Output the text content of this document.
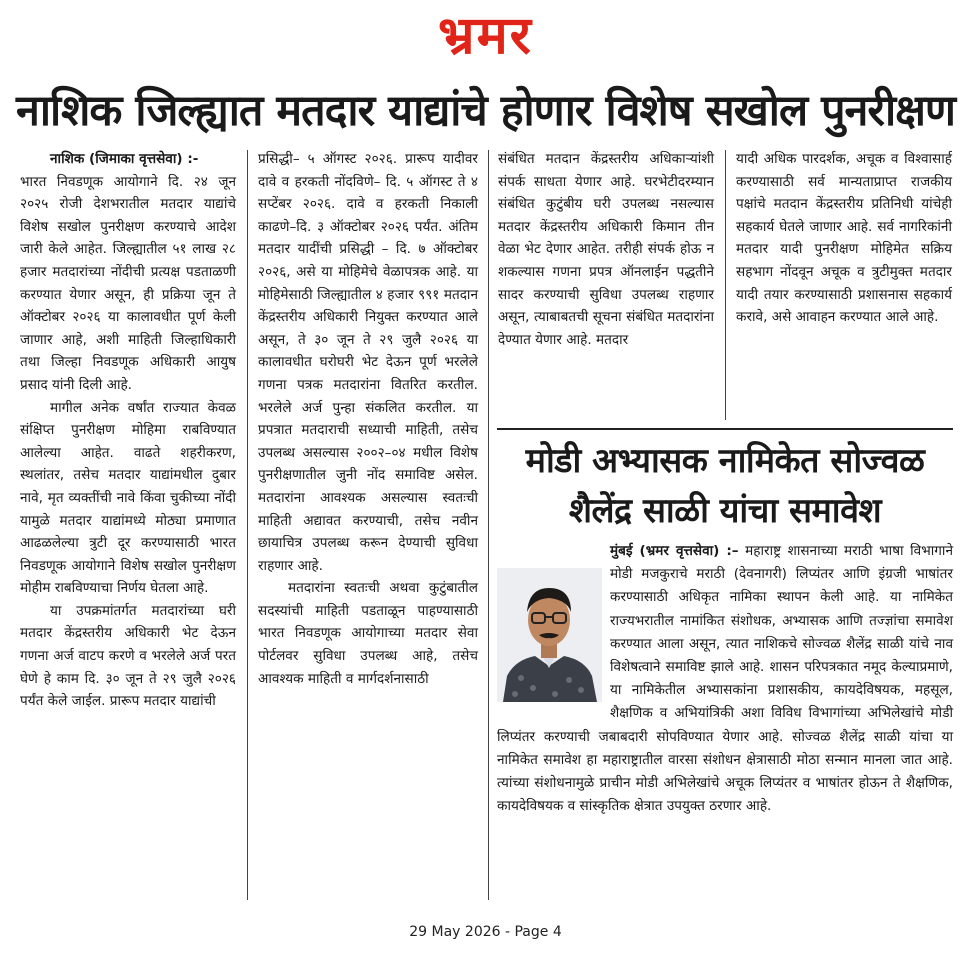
भ्रमर
नाशिक जिल्ह्यात मतदार याद्यांचे होणार विशेष सखोल पुनरीक्षण

नाशिक (जिमाका वृत्तसेवा) :-

भारत निवडणूक आयोगाने दि. २४ जून २०२५ रोजी देशभरातील मतदार याद्यांचे विशेष सखोल पुनरीक्षण करण्याचे आदेश जारी केले आहेत. जिल्ह्यातील ५१ लाख २८ हजार मतदारांच्या नोंदीची प्रत्यक्ष पडताळणी करण्यात येणार असून, ही प्रक्रिया जून ते ऑक्टोबर २०२६ या कालावधीत पूर्ण केली जाणार आहे, अशी माहिती जिल्हाधिकारी तथा जिल्हा निवडणूक अधिकारी आयुष प्रसाद यांनी दिली आहे.

मागील अनेक वर्षांत राज्यात केवळ संक्षिप्त पुनरीक्षण मोहिमा राबविण्यात आलेल्या आहेत. वाढते शहरीकरण, स्थलांतर, तसेच मतदार याद्यांमधील दुबार नावे, मृत व्यक्तींची नावे किंवा चुकीच्या नोंदी यामुळे मतदार याद्यांमध्ये मोठ्या प्रमाणात आढळलेल्या त्रुटी दूर करण्यासाठी भारत निवडणूक आयोगाने विशेष सखोल पुनरीक्षण मोहीम राबविण्याचा निर्णय घेतला आहे.

या उपक्रमांतर्गत मतदारांच्या घरी मतदार केंद्रस्तरीय अधिकारी भेट देऊन गणना अर्ज वाटप करणे व भरलेले अर्ज परत घेणे हे काम दि. ३० जून ते २९ जुलै २०२६ पर्यंत केले जाईल. प्रारूप मतदार याद्यांची

प्रसिद्धी– ५ ऑगस्ट २०२६. प्रारूप यादीवर दावे व हरकती नोंदविणे– दि. ५ ऑगस्ट ते ४ सप्टेंबर २०२६. दावे व हरकती निकाली काढणे–दि. ३ ऑक्टोबर २०२६ पर्यंत. अंतिम मतदार यादींची प्रसिद्धी – दि. ७ ऑक्टोबर २०२६, असे या मोहिमेचे वेळापत्रक आहे. या मोहिमेसाठी जिल्ह्यातील ४ हजार ९९१ मतदान केंद्रस्तरीय अधिकारी नियुक्त करण्यात आले असून, ते ३० जून ते २९ जुलै २०२६ या कालावधीत घरोघरी भेट देऊन पूर्ण भरलेले गणना पत्रक मतदारांना वितरित करतील. भरलेले अर्ज पुन्हा संकलित करतील. या प्रपत्रात मतदाराची सध्याची माहिती, तसेच उपलब्ध असल्यास २००२–०४ मधील विशेष पुनरीक्षणातील जुनी नोंद समाविष्ट असेल. मतदारांना आवश्यक असल्यास स्वतःची माहिती अद्यावत करण्याची, तसेच नवीन छायाचित्र उपलब्ध करून देण्याची सुविधा राहणार आहे.

मतदारांना स्वतःची अथवा कुटुंबातील सदस्यांची माहिती पडताळून पाहण्यासाठी भारत निवडणूक आयोगाच्या मतदार सेवा पोर्टलवर सुविधा उपलब्ध आहे, तसेच आवश्यक माहिती व मार्गदर्शनासाठी

संबंधित मतदान केंद्रस्तरीय अधिकाऱ्यांशी संपर्क साधता येणार आहे. घरभेटीदरम्यान संबंधित कुटुंबीय घरी उपलब्ध नसल्यास मतदार केंद्रस्तरीय अधिकारी किमान तीन वेळा भेट देणार आहेत. तरीही संपर्क होऊ न शकल्यास गणना प्रपत्र ऑनलाईन पद्धतीने सादर करण्याची सुविधा उपलब्ध राहणार असून, त्याबाबतची सूचना संबंधित मतदारांना देण्यात येणार आहे. मतदार

यादी अधिक पारदर्शक, अचूक व विश्वासार्ह करण्यासाठी सर्व मान्यताप्राप्त राजकीय पक्षांचे मतदान केंद्रस्तरीय प्रतिनिधी यांचेही सहकार्य घेतले जाणार आहे. सर्व नागरिकांनी मतदार यादी पुनरीक्षण मोहिमेत सक्रिय सहभाग नोंदवून अचूक व त्रुटीमुक्त मतदार यादी तयार करण्यासाठी प्रशासनास सहकार्य करावे, असे आवाहन करण्यात आले आहे.

मोडी अभ्यासक नामिकेत सोज्वळ
शैलेंद्र साळी यांचा समावेश

मुंबई (भ्रमर वृत्तसेवा) :– महाराष्ट्र शासनाच्या मराठी भाषा विभागाने मोडी मजकुराचे मराठी (देवनागरी) लिप्यंतर आणि इंग्रजी भाषांतर करण्यासाठी अधिकृत नामिका स्थापन केली आहे. या नामिकेत राज्यभरातील नामांकित संशोधक, अभ्यासक आणि तज्ज्ञांचा समावेश करण्यात आला असून, त्यात नाशिकचे सोज्वळ शैलेंद्र साळी यांचे नाव विशेषत्वाने समाविष्ट झाले आहे. शासन परिपत्रकात नमूद केल्याप्रमाणे, या नामिकेतील अभ्यासकांना प्रशासकीय, कायदेविषयक, महसूल, शैक्षणिक व अभियांत्रिकी अशा विविध विभागांच्या अभिलेखांचे मोडी लिप्यंतर करण्याची जबाबदारी सोपविण्यात येणार आहे. सोज्वळ शैलेंद्र साळी यांचा या नामिकेत समावेश हा महाराष्ट्रातील वारसा संशोधन क्षेत्रासाठी मोठा सन्मान मानला जात आहे. त्यांच्या संशोधनामुळे प्राचीन मोडी अभिलेखांचे अचूक लिप्यंतर व भाषांतर होऊन ते शैक्षणिक, कायदेविषयक व सांस्कृतिक क्षेत्रात उपयुक्त ठरणार आहे.

29 May 2026 - Page 4
